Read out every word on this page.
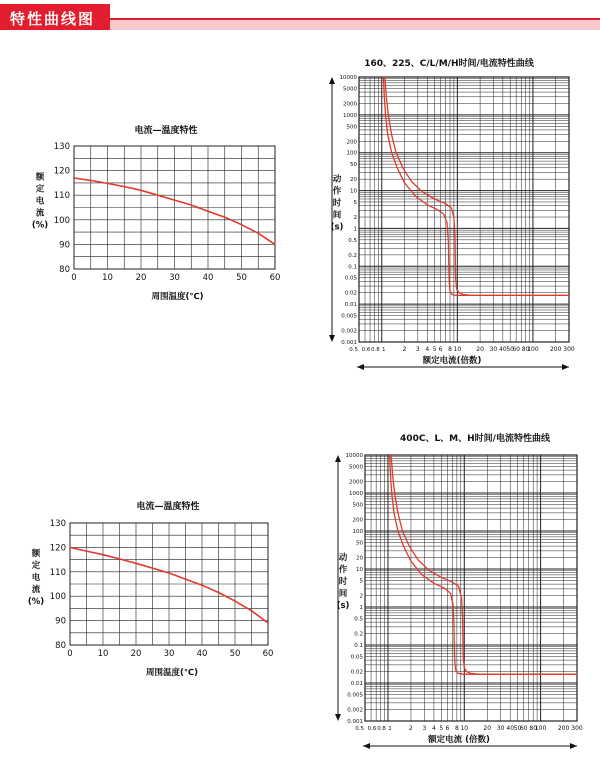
特性曲线图
0	10	20	30	40	50	60
80
90
100
110
120
130
电流—温度特性
周围温度(℃)
额
定
电
流
(%)
0.001
0.002
0.005
0.01
0.02
0.05
0.1
0.2
0.5
1
2
5
10
20
50
100
200
500
1000
2000
5000
10000
0.5 0.6 0.8 1	2 3 4 5 6 8 10	20 30 40 50
60 80
100 200 300
160、225、C/L/M/H时间/电流特性曲线
动
作
时
间
(s)
额定电流(倍数)
0	10	20	30	40	50	60
80
90
100
110
120
130
电流—温度特性
周围温度(℃)
额
定
电
流
(%)
0.001
0.002
0.005
0.01
0.02
0.05
0.1
0.2
0.5
1
2
5
10
20
50
100
200
500
1000
2000
5000
10000
0.5 0.6 0.8 1	2 3 4 5 6 8 10	20 30 40 50
60 80
100 200 300
400C、L、M、H时间/电流特性曲线
动
作
时
间
(s)
额定电流 (倍数)
